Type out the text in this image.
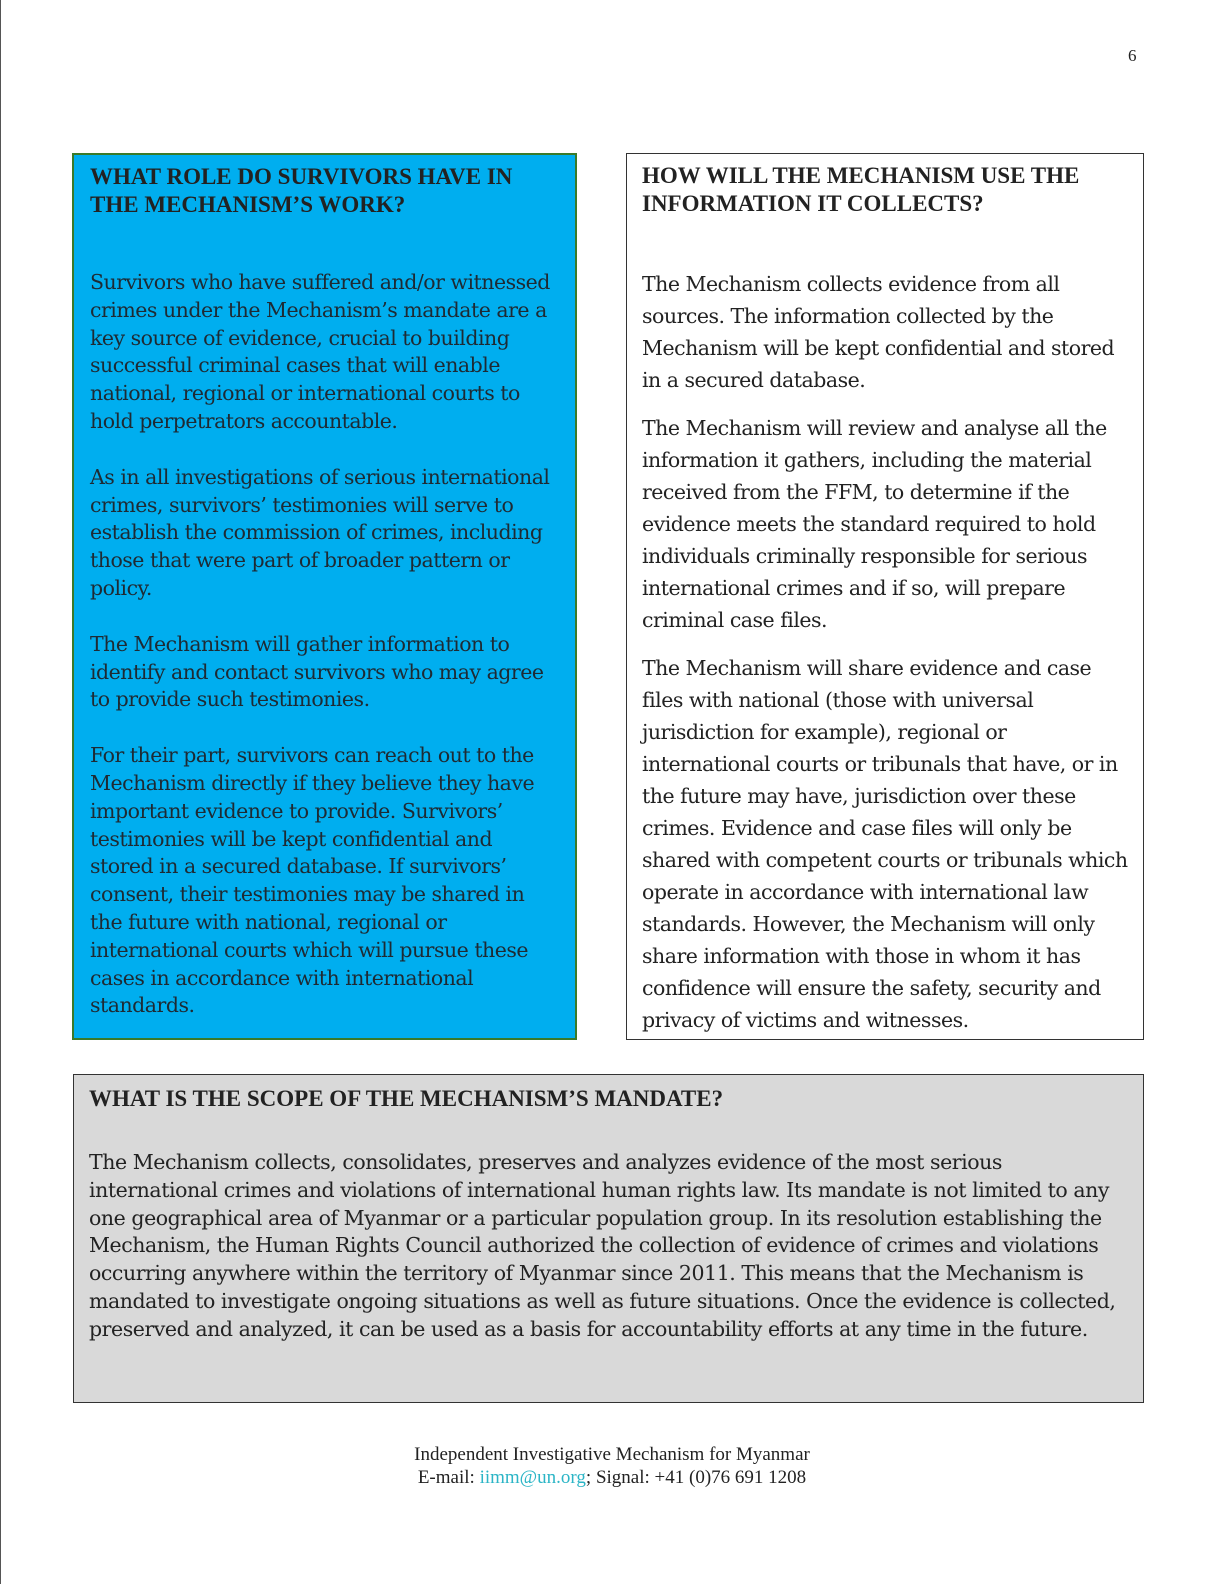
6
WHAT ROLE DO SURVIVORS HAVE IN THE MECHANISM’S WORK?

Survivors who have suffered and/or witnessed crimes under the Mechanism’s mandate are a key source of evidence, crucial to building successful criminal cases that will enable national, regional or international courts to hold perpetrators accountable.

As in all investigations of serious international crimes, survivors’ testimonies will serve to establish the commission of crimes, including those that were part of broader pattern or policy.

The Mechanism will gather information to identify and contact survivors who may agree to provide such testimonies.

For their part, survivors can reach out to the Mechanism directly if they believe they have important evidence to provide. Survivors’ testimonies will be kept confidential and stored in a secured database. If survivors’ consent, their testimonies may be shared in the future with national, regional or international courts which will pursue these cases in accordance with international standards.

HOW WILL THE MECHANISM USE THE INFORMATION IT COLLECTS?

The Mechanism collects evidence from all sources. The information collected by the Mechanism will be kept confidential and stored in a secured database.

The Mechanism will review and analyse all the information it gathers, including the material received from the FFM, to determine if the evidence meets the standard required to hold individuals criminally responsible for serious international crimes and if so, will prepare criminal case files.

The Mechanism will share evidence and case files with national (those with universal jurisdiction for example), regional or international courts or tribunals that have, or in the future may have, jurisdiction over these crimes. Evidence and case files will only be shared with competent courts or tribunals which operate in accordance with international law standards. However, the Mechanism will only share information with those in whom it has confidence will ensure the safety, security and privacy of victims and witnesses.

WHAT IS THE SCOPE OF THE MECHANISM’S MANDATE?

The Mechanism collects, consolidates, preserves and analyzes evidence of the most serious international crimes and violations of international human rights law. Its mandate is not limited to any one geographical area of Myanmar or a particular population group. In its resolution establishing the Mechanism, the Human Rights Council authorized the collection of evidence of crimes and violations occurring anywhere within the territory of Myanmar since 2011. This means that the Mechanism is mandated to investigate ongoing situations as well as future situations. Once the evidence is collected, preserved and analyzed, it can be used as a basis for accountability efforts at any time in the future.

Independent Investigative Mechanism for Myanmar
E-mail: iimm@un.org; Signal: +41 (0)76 691 1208
